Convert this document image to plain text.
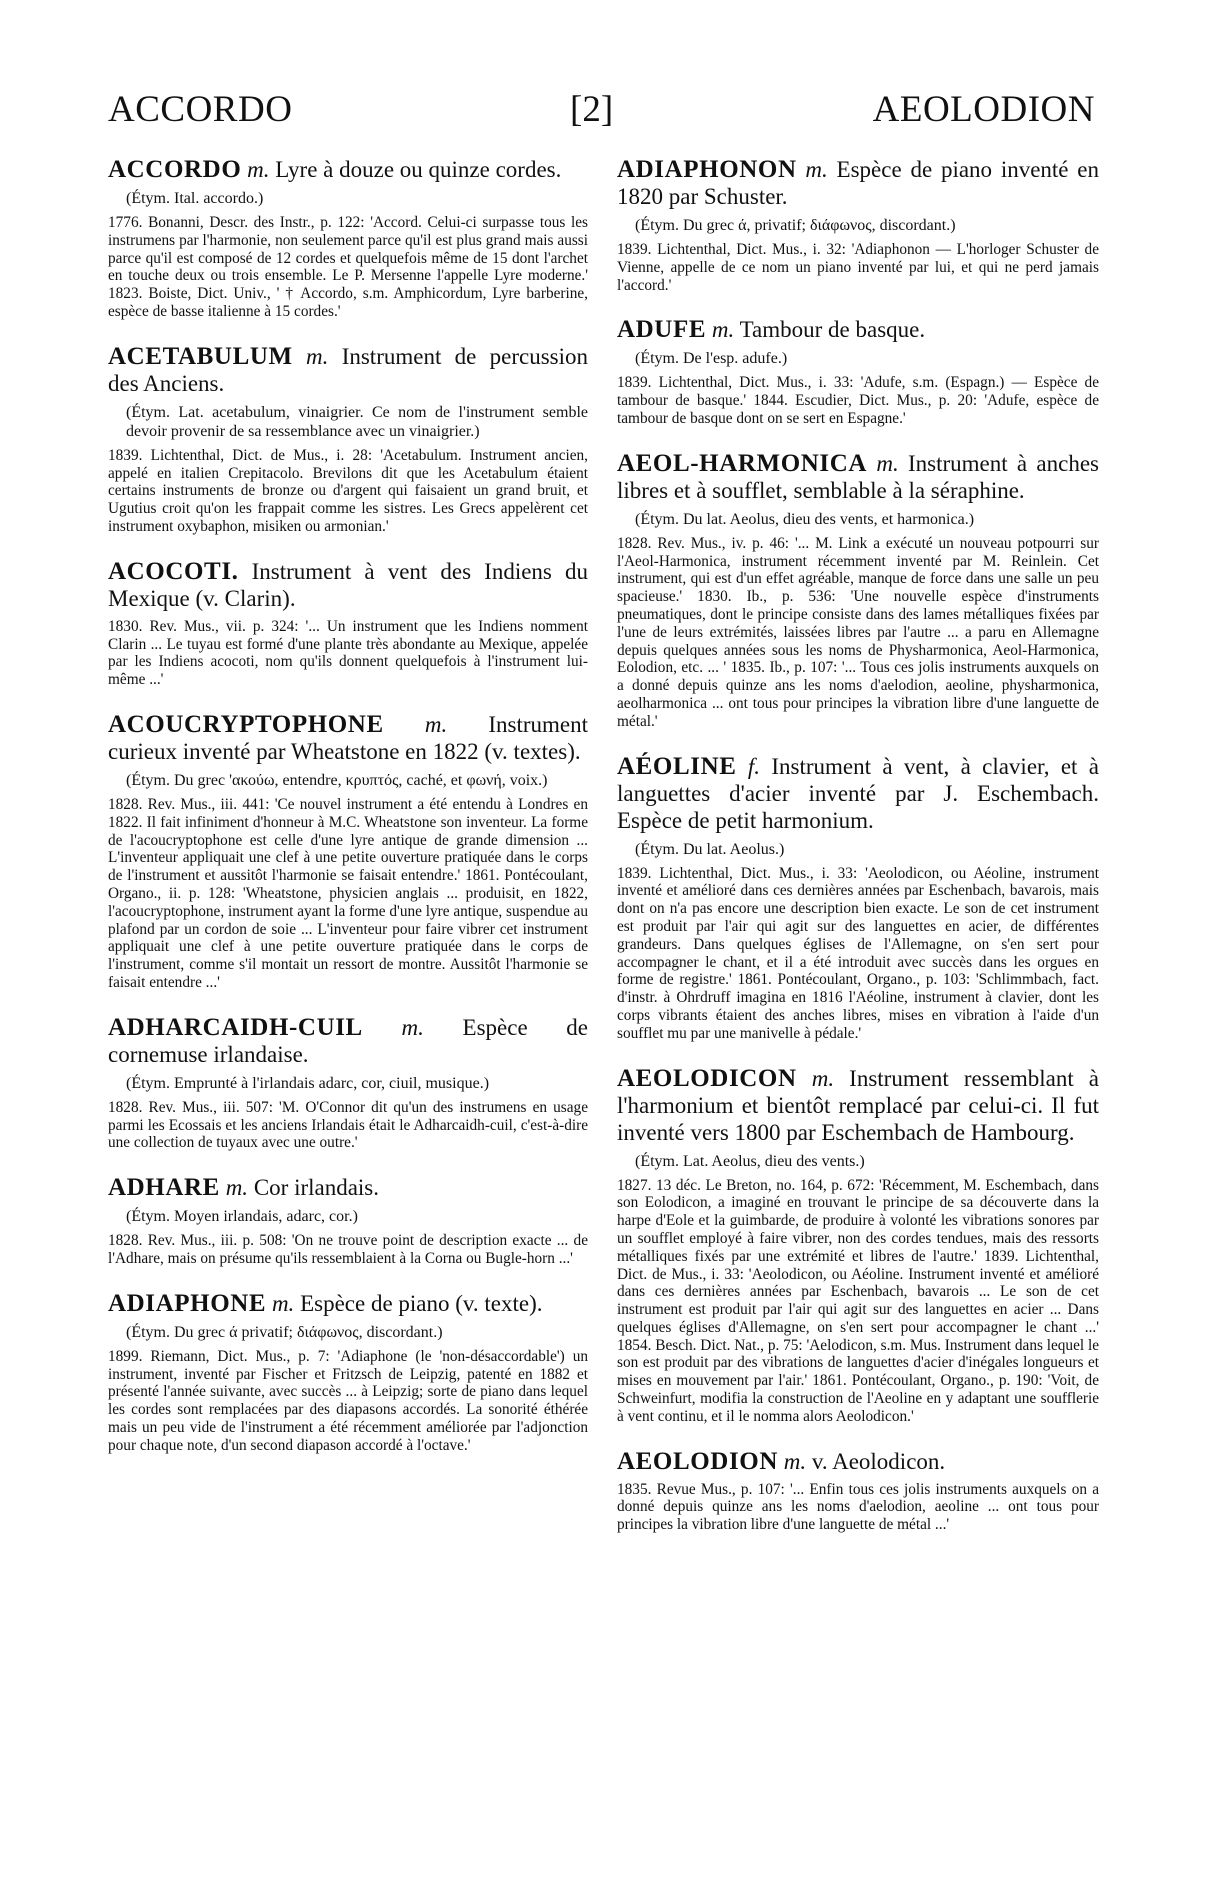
ACCORDO	[2]	AEOLODION

ACCORDO m. Lyre à douze ou quinze cordes.

(Étym. Ital. accordo.)

1776. Bonanni, Descr. des Instr., p. 122: 'Accord. Celui-ci surpasse tous les instrumens par l'harmonie, non seulement parce qu'il est plus grand mais aussi parce qu'il est composé de 12 cordes et quelquefois même de 15 dont l'archet en touche deux ou trois ensemble. Le P. Mersenne l'appelle Lyre moderne.' 1823. Boiste, Dict. Univ., ' † Accordo, s.m. Amphicordum, Lyre barberine, espèce de basse italienne à 15 cordes.'

ACETABULUM m. Instrument de percussion des Anciens.

(Étym. Lat. acetabulum, vinaigrier. Ce nom de l'instrument semble devoir provenir de sa ressemblance avec un vinaigrier.)

1839. Lichtenthal, Dict. de Mus., i. 28: 'Acetabulum. Instrument ancien, appelé en italien Crepitacolo. Brevilons dit que les Acetabulum étaient certains instruments de bronze ou d'argent qui faisaient un grand bruit, et Ugutius croit qu'on les frappait comme les sistres. Les Grecs appelèrent cet instrument oxybaphon, misiken ou armonian.'

ACOCOTI. Instrument à vent des Indiens du Mexique (v. Clarin).

1830. Rev. Mus., vii. p. 324: '... Un instrument que les Indiens nomment Clarin ... Le tuyau est formé d'une plante très abondante au Mexique, appelée par les Indiens acocoti, nom qu'ils donnent quelquefois à l'instrument lui-même ...'

ACOUCRYPTOPHONE m. Instrument curieux inventé par Wheatstone en 1822 (v. textes).

(Étym. Du grec 'ακούω, entendre, κρυπτός, caché, et φωνή, voix.)

1828. Rev. Mus., iii. 441: 'Ce nouvel instrument a été entendu à Londres en 1822. Il fait infiniment d'honneur à M.C. Wheatstone son inventeur. La forme de l'acoucryptophone est celle d'une lyre antique de grande dimension ... L'inventeur appliquait une clef à une petite ouverture pratiquée dans le corps de l'instrument et aussitôt l'harmonie se faisait entendre.' 1861. Pontécoulant, Organo., ii. p. 128: 'Wheatstone, physicien anglais ... produisit, en 1822, l'acoucryptophone, instrument ayant la forme d'une lyre antique, suspendue au plafond par un cordon de soie ... L'inventeur pour faire vibrer cet instrument appliquait une clef à une petite ouverture pratiquée dans le corps de l'instrument, comme s'il montait un ressort de montre. Aussitôt l'harmonie se faisait entendre ...'

ADHARCAIDH-CUIL m. Espèce de cornemuse irlandaise.

(Étym. Emprunté à l'irlandais adarc, cor, ciuil, musique.)

1828. Rev. Mus., iii. 507: 'M. O'Connor dit qu'un des instrumens en usage parmi les Ecossais et les anciens Irlandais était le Adharcaidh-cuil, c'est-à-dire une collection de tuyaux avec une outre.'

ADHARE m. Cor irlandais.

(Étym. Moyen irlandais, adarc, cor.)

1828. Rev. Mus., iii. p. 508: 'On ne trouve point de description exacte ... de l'Adhare, mais on présume qu'ils ressemblaient à la Corna ou Bugle-horn ...'

ADIAPHONE m. Espèce de piano (v. texte).

(Étym. Du grec ά privatif; διάφωνος, discordant.)

1899. Riemann, Dict. Mus., p. 7: 'Adiaphone (le 'non-désaccordable') un instrument, inventé par Fischer et Fritzsch de Leipzig, patenté en 1882 et présenté l'année suivante, avec succès ... à Leipzig; sorte de piano dans lequel les cordes sont remplacées par des diapasons accordés. La sonorité éthérée mais un peu vide de l'instrument a été récemment améliorée par l'adjonction pour chaque note, d'un second diapason accordé à l'octave.'

ADIAPHONON m. Espèce de piano inventé en 1820 par Schuster.

(Étym. Du grec ά, privatif; διάφωνος, discordant.)

1839. Lichtenthal, Dict. Mus., i. 32: 'Adiaphonon — L'horloger Schuster de Vienne, appelle de ce nom un piano inventé par lui, et qui ne perd jamais l'accord.'

ADUFE m. Tambour de basque.

(Étym. De l'esp. adufe.)

1839. Lichtenthal, Dict. Mus., i. 33: 'Adufe, s.m. (Espagn.) — Espèce de tambour de basque.' 1844. Escudier, Dict. Mus., p. 20: 'Adufe, espèce de tambour de basque dont on se sert en Espagne.'

AEOL-HARMONICA m. Instrument à anches libres et à soufflet, semblable à la séraphine.

(Étym. Du lat. Aeolus, dieu des vents, et harmonica.)

1828. Rev. Mus., iv. p. 46: '... M. Link a exécuté un nouveau potpourri sur l'Aeol-Harmonica, instrument récemment inventé par M. Reinlein. Cet instrument, qui est d'un effet agréable, manque de force dans une salle un peu spacieuse.' 1830. Ib., p. 536: 'Une nouvelle espèce d'instruments pneumatiques, dont le principe consiste dans des lames métalliques fixées par l'une de leurs extrémités, laissées libres par l'autre ... a paru en Allemagne depuis quelques années sous les noms de Physharmonica, Aeol-Harmonica, Eolodion, etc. ... ' 1835. Ib., p. 107: '... Tous ces jolis instruments auxquels on a donné depuis quinze ans les noms d'aelodion, aeoline, physharmonica, aeolharmonica ... ont tous pour principes la vibration libre d'une languette de métal.'

AÉOLINE f. Instrument à vent, à clavier, et à languettes d'acier inventé par J. Eschembach. Espèce de petit harmonium.

(Étym. Du lat. Aeolus.)

1839. Lichtenthal, Dict. Mus., i. 33: 'Aeolodicon, ou Aéoline, instrument inventé et amélioré dans ces dernières années par Eschenbach, bavarois, mais dont on n'a pas encore une description bien exacte. Le son de cet instrument est produit par l'air qui agit sur des languettes en acier, de différentes grandeurs. Dans quelques églises de l'Allemagne, on s'en sert pour accompagner le chant, et il a été introduit avec succès dans les orgues en forme de registre.' 1861. Pontécoulant, Organo., p. 103: 'Schlimmbach, fact. d'instr. à Ohrdruff imagina en 1816 l'Aéoline, instrument à clavier, dont les corps vibrants étaient des anches libres, mises en vibration à l'aide d'un soufflet mu par une manivelle à pédale.'

AEOLODICON m. Instrument ressemblant à l'harmonium et bientôt remplacé par celui-ci. Il fut inventé vers 1800 par Eschembach de Hambourg.

(Étym. Lat. Aeolus, dieu des vents.)

1827. 13 déc. Le Breton, no. 164, p. 672: 'Récemment, M. Eschembach, dans son Eolodicon, a imaginé en trouvant le principe de sa découverte dans la harpe d'Eole et la guimbarde, de produire à volonté les vibrations sonores par un soufflet employé à faire vibrer, non des cordes tendues, mais des ressorts métalliques fixés par une extrémité et libres de l'autre.' 1839. Lichtenthal, Dict. de Mus., i. 33: 'Aeolodicon, ou Aéoline. Instrument inventé et amélioré dans ces dernières années par Eschenbach, bavarois ... Le son de cet instrument est produit par l'air qui agit sur des languettes en acier ... Dans quelques églises d'Allemagne, on s'en sert pour accompagner le chant ...' 1854. Besch. Dict. Nat., p. 75: 'Aelodicon, s.m. Mus. Instrument dans lequel le son est produit par des vibrations de languettes d'acier d'inégales longueurs et mises en mouvement par l'air.' 1861. Pontécoulant, Organo., p. 190: 'Voit, de Schweinfurt, modifia la construction de l'Aeoline en y adaptant une soufflerie à vent continu, et il le nomma alors Aeolodicon.'

AEOLODION m. v. Aeolodicon.

1835. Revue Mus., p. 107: '... Enfin tous ces jolis instruments auxquels on a donné depuis quinze ans les noms d'aelodion, aeoline ... ont tous pour principes la vibration libre d'une languette de métal ...'
